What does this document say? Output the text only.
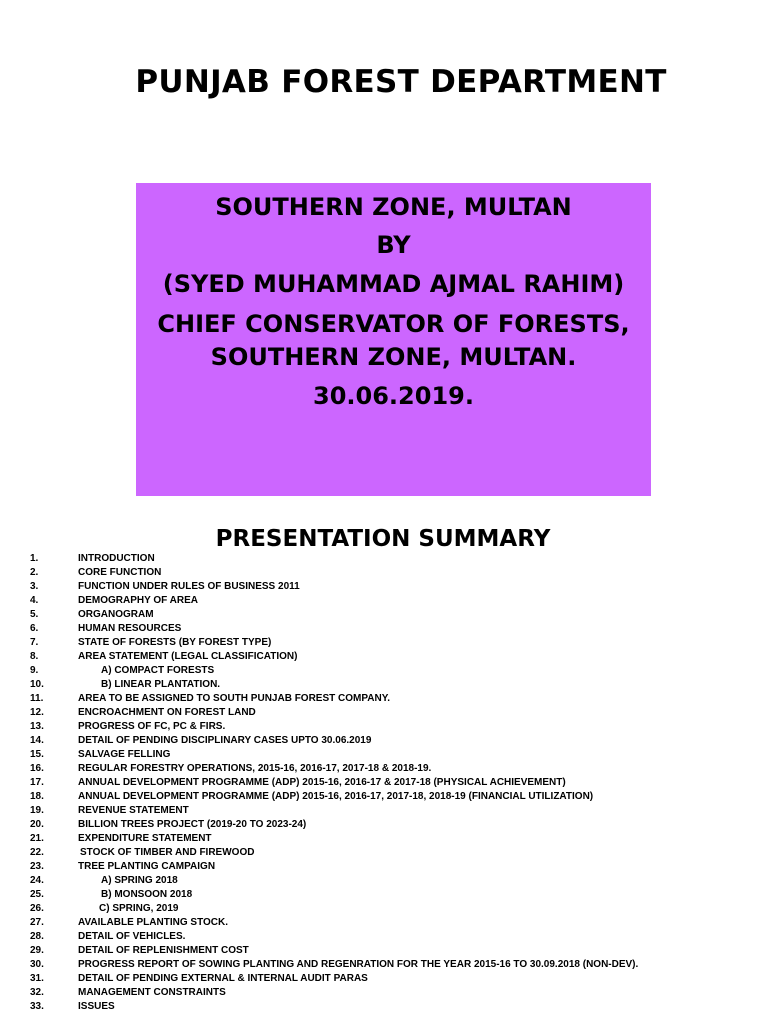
PUNJAB FOREST DEPARTMENT
SOUTHERN ZONE, MULTAN
BY
(SYED MUHAMMAD AJMAL RAHIM)
CHIEF CONSERVATOR OF FORESTS,
SOUTHERN ZONE, MULTAN.
30.06.2019.
PRESENTATION SUMMARY
1.	INTRODUCTION
2.	CORE FUNCTION
3.	FUNCTION UNDER RULES OF BUSINESS 2011
4.	DEMOGRAPHY OF AREA
5.	ORGANOGRAM
6.	HUMAN RESOURCES
7.	STATE OF FORESTS (BY FOREST TYPE)
8.	AREA STATEMENT (LEGAL CLASSIFICATION)
9.	A) COMPACT FORESTS
10.	B) LINEAR PLANTATION.
11.	AREA TO BE ASSIGNED TO SOUTH PUNJAB FOREST COMPANY.
12.	ENCROACHMENT ON FOREST LAND
13.	PROGRESS OF FC, PC & FIRS.
14.	DETAIL OF PENDING DISCIPLINARY CASES UPTO 30.06.2019
15.	SALVAGE FELLING
16.	REGULAR FORESTRY OPERATIONS, 2015-16, 2016-17, 2017-18 & 2018-19.
17.	ANNUAL DEVELOPMENT PROGRAMME (ADP) 2015-16, 2016-17 & 2017-18 (PHYSICAL ACHIEVEMENT)
18.	ANNUAL DEVELOPMENT PROGRAMME (ADP) 2015-16, 2016-17, 2017-18, 2018-19 (FINANCIAL UTILIZATION)
19.	REVENUE STATEMENT
20.	BILLION TREES PROJECT (2019-20 TO 2023-24)
21.	EXPENDITURE STATEMENT
22.	STOCK OF TIMBER AND FIREWOOD
23.	TREE PLANTING CAMPAIGN
24.	A) SPRING 2018
25.	B) MONSOON 2018
26.	C) SPRING, 2019
27.	AVAILABLE PLANTING STOCK.
28.	DETAIL OF VEHICLES.
29.	DETAIL OF REPLENISHMENT COST
30.	PROGRESS REPORT OF SOWING PLANTING AND REGENRATION FOR THE YEAR 2015-16 TO 30.09.2018 (NON-DEV).
31.	DETAIL OF PENDING EXTERNAL & INTERNAL AUDIT PARAS
32.	MANAGEMENT CONSTRAINTS
33.	ISSUES
